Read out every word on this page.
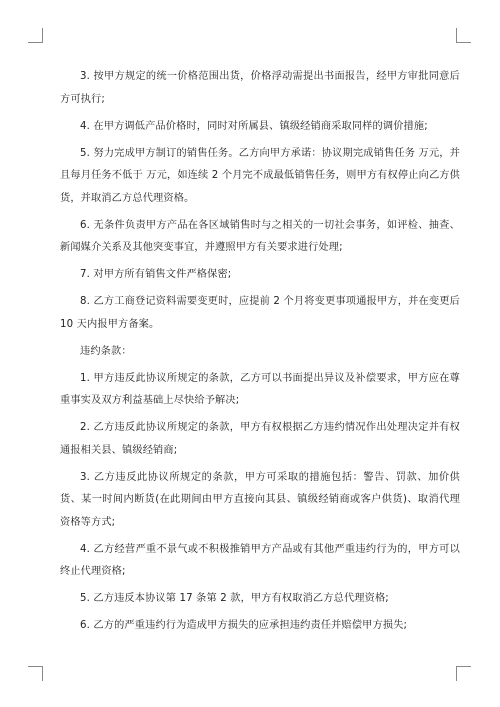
3. 按甲方规定的统一价格范围出货，价格浮动需提出书面报告，经甲方审批同意后方可执行;

4. 在甲方调低产品价格时，同时对所属县、镇级经销商采取同样的调价措施;

5. 努力完成甲方制订的销售任务。乙方向甲方承诺：协议期完成销售任务 万元，并且每月任务不低于 万元，如连续 2 个月完不成最低销售任务，则甲方有权停止向乙方供货，并取消乙方总代理资格。

6. 无条件负责甲方产品在各区域销售时与之相关的一切社会事务，如评检、抽查、新闻媒介关系及其他突变事宜，并遵照甲方有关要求进行处理;

7. 对甲方所有销售文件严格保密;

8. 乙方工商登记资料需要变更时，应提前 2 个月将变更事项通报甲方，并在变更后 10 天内报甲方备案。

违约条款：

1. 甲方违反此协议所规定的条款，乙方可以书面提出异议及补偿要求，甲方应在尊重事实及双方利益基础上尽快给予解决;

2. 乙方违反此协议所规定的条款，甲方有权根据乙方违约情况作出处理决定并有权通报相关县、镇级经销商;

3. 乙方违反此协议所规定的条款，甲方可采取的措施包括：警告、罚款、加价供货、某一时间内断货(在此期间由甲方直接向其县、镇级经销商或客户供货)、取消代理资格等方式;

4. 乙方经营严重不景气或不积极推销甲方产品或有其他严重违约行为的，甲方可以终止代理资格;

5. 乙方违反本协议第 17 条第 2 款，甲方有权取消乙方总代理资格;

6. 乙方的严重违约行为造成甲方损失的应承担违约责任并赔偿甲方损失;
